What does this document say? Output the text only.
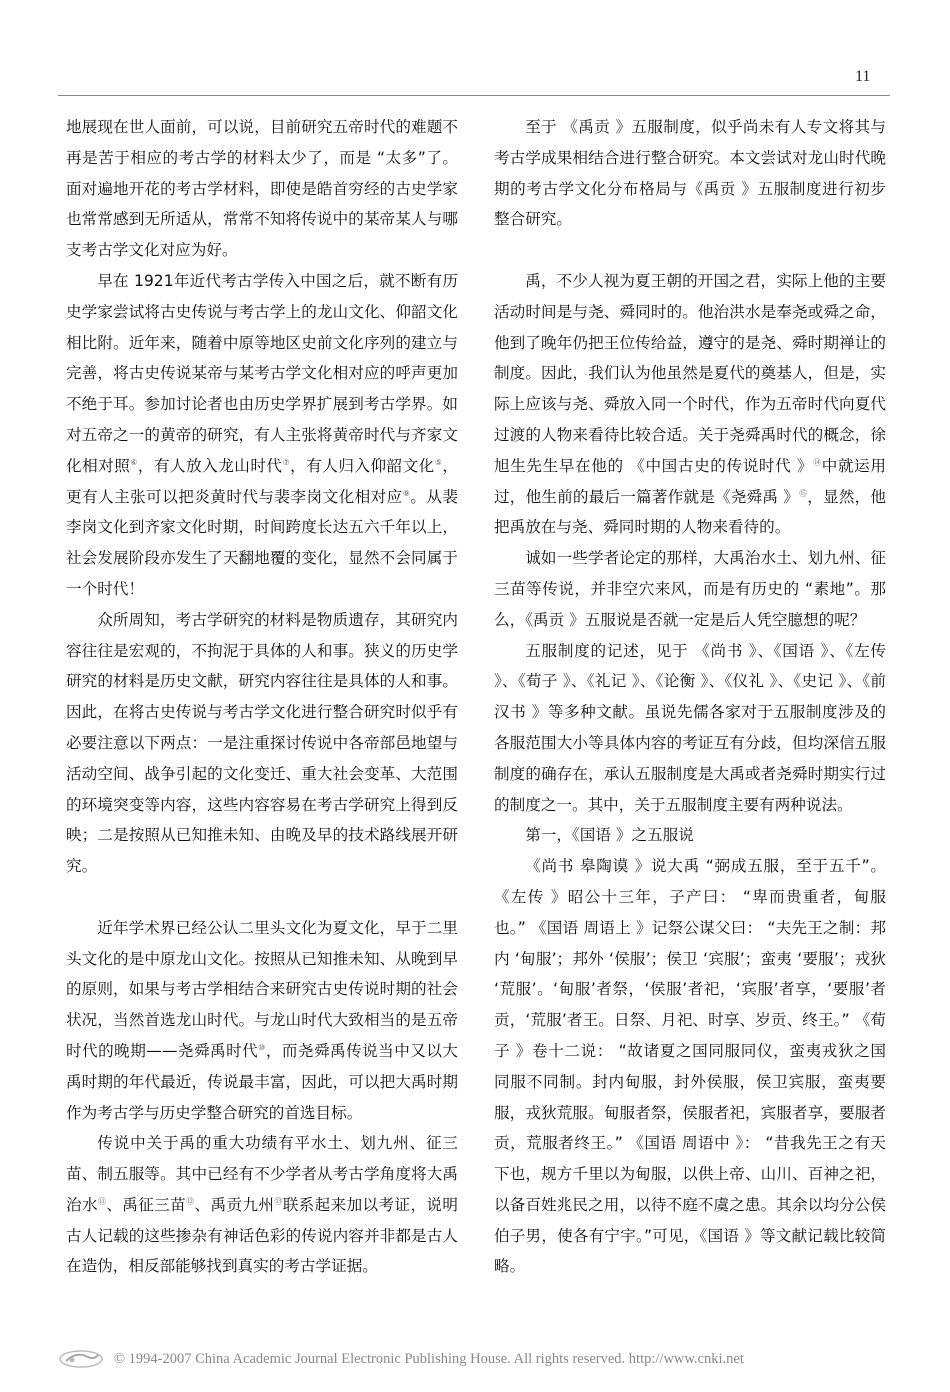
11

地展现在世人面前，可以说，目前研究五帝时代的难题不再是苦于相应的考古学的材料太少了，而是 “太多”了。面对遍地开花的考古学材料，即使是皓首穷经的古史学家也常常感到无所适从，常常不知将传说中的某帝某人与哪支考古学文化对应为好。

早在 1921年近代考古学传入中国之后，就不断有历史学家尝试将古史传说与考古学上的龙山文化、仰韶文化相比附。近年来，随着中原等地区史前文化序列的建立与完善，将古史传说某帝与某考古学文化相对应的呼声更加不绝于耳。参加讨论者也由历史学界扩展到考古学界。如对五帝之一的黄帝的研究，有人主张将黄帝时代与齐家文化相对照⑥，有人放入龙山时代⑦，有人归入仰韶文化⑤，更有人主张可以把炎黄时代与裴李岗文化相对应⑨。从裴李岗文化到齐家文化时期，时间跨度长达五六千年以上，社会发展阶段亦发生了天翻地覆的变化，显然不会同属于一个时代！

众所周知，考古学研究的材料是物质遗存，其研究内容往往是宏观的，不拘泥于具体的人和事。狭义的历史学研究的材料是历史文献，研究内容往往是具体的人和事。因此，在将古史传说与考古学文化进行整合研究时似乎有必要注意以下两点：一是注重探讨传说中各帝部邑地望与活动空间、战争引起的文化变迁、重大社会变革、大范围的环境突变等内容，这些内容容易在考古学研究上得到反映；二是按照从已知推未知、由晚及早的技术路线展开研究。

近年学术界已经公认二里头文化为夏文化，早于二里头文化的是中原龙山文化。按照从已知推未知、从晚到早的原则，如果与考古学相结合来研究古史传说时期的社会状况，当然首选龙山时代。与龙山时代大致相当的是五帝时代的晚期——尧舜禹时代⑩，而尧舜禹传说当中又以大禹时期的年代最近，传说最丰富，因此，可以把大禹时期作为考古学与历史学整合研究的首选目标。

传说中关于禹的重大功绩有平水土、划九州、征三苗、制五服等。其中已经有不少学者从考古学角度将大禹治水⑪、禹征三苗⑫、禹贡九州⑬联系起来加以考证，说明古人记载的这些掺杂有神话色彩的传说内容并非都是古人在造伪，相反部能够找到真实的考古学证据。

至于 《禹贡 》五服制度，似乎尚未有人专文将其与考古学成果相结合进行整合研究。本文尝试对龙山时代晚期的考古学文化分布格局与《禹贡 》五服制度进行初步整合研究。

禹，不少人视为夏王朝的开国之君，实际上他的主要活动时间是与尧、舜同时的。他治洪水是奉尧或舜之命，他到了晚年仍把王位传给益，遵守的是尧、舜时期禅让的制度。因此，我们认为他虽然是夏代的奠基人，但是，实际上应该与尧、舜放入同一个时代，作为五帝时代向夏代过渡的人物来看待比较合适。关于尧舜禹时代的概念，徐旭生先生早在他的 《中国古史的传说时代 》⑭中就运用过，他生前的最后一篇著作就是《尧舜禹 》⑮，显然，他把禹放在与尧、舜同时期的人物来看待的。

诚如一些学者论定的那样，大禹治水土、划九州、征三苗等传说，并非空穴来风，而是有历史的 “素地”。那么，《禹贡 》五服说是否就一定是后人凭空臆想的呢？

五服制度的记述，见于 《尚书 》、《国语 》、《左传 》、《荀子 》、《礼记 》、《论衡 》、《仪礼 》、《史记 》、《前汉书 》等多种文献。虽说先儒各家对于五服制度涉及的各服范围大小等具体内容的考证互有分歧，但均深信五服制度的确存在，承认五服制度是大禹或者尧舜时期实行过的制度之一。其中，关于五服制度主要有两种说法。

第一，《国语 》之五服说

《尚书 皋陶谟 》说大禹 “弼成五服，至于五千”。《左传 》昭公十三年，子产曰： “卑而贵重者，甸服也。” 《国语 周语上 》记祭公谋父曰： “夫先王之制：邦内 ‘甸服’；邦外 ‘侯服’；侯卫 ‘宾服’；蛮夷 ‘要服’；戎狄 ‘荒服’。‘甸服’者祭，‘侯服’者祀，‘宾服’者享，‘要服’者贡，‘荒服’者王。日祭、月祀、时享、岁贡、终王。” 《荀子 》卷十二说： “故诸夏之国同服同仪，蛮夷戎狄之国同服不同制。封内甸服，封外侯服，侯卫宾服，蛮夷要服，戎狄荒服。甸服者祭，侯服者祀，宾服者享，要服者贡，荒服者终王。” 《国语 周语中 》： “昔我先王之有天下也，规方千里以为甸服，以供上帝、山川、百神之祀，以备百姓兆民之用，以待不庭不虞之患。其余以均分公侯伯子男，使各有宁宇。”可见，《国语 》等文献记载比较简略。

© 1994-2007 China Academic Journal Electronic Publishing House. All rights reserved. http://www.cnki.net
